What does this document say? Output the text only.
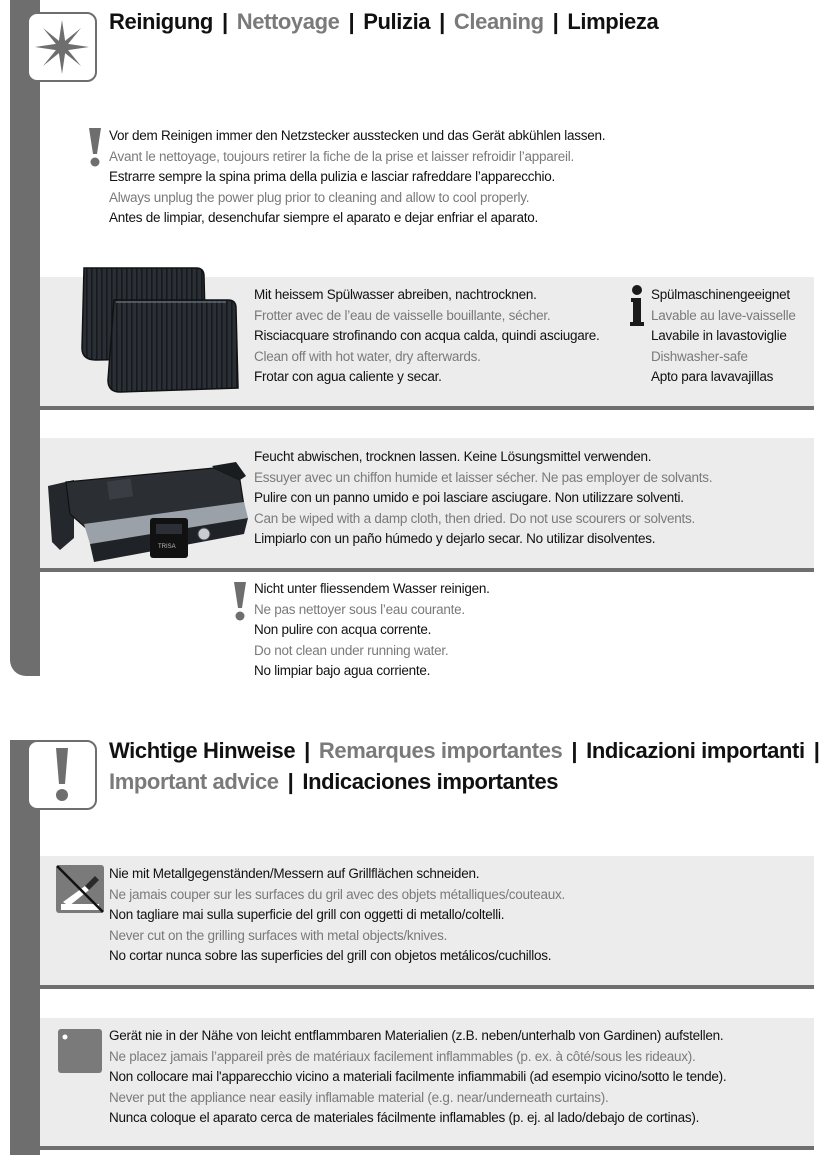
Reinigung | Nettoyage | Pulizia | Cleaning | Limpieza
Vor dem Reinigen immer den Netzstecker ausstecken und das Gerät abkühlen lassen.
Avant le nettoyage, toujours retirer la fiche de la prise et laisser refroidir l’appareil.
Estrarre sempre la spina prima della pulizia e lasciar rafreddare l’apparecchio.
Always unplug the power plug prior to cleaning and allow to cool properly.
Antes de limpiar, desenchufar siempre el aparato e dejar enfriar el aparato.
Mit heissem Spülwasser abreiben, nachtrocknen.
Frotter avec de l’eau de vaisselle bouillante, sécher.
Risciacquare strofinando con acqua calda, quindi asciugare.
Clean off with hot water, dry afterwards.
Frotar con agua caliente y secar.
Spülmaschinengeeignet
Lavable au lave-vaisselle
Lavabile in lavastoviglie
Dishwasher-safe
Apto para lavavajillas
TRISA
Feucht abwischen, trocknen lassen. Keine Lösungsmittel verwenden.
Essuyer avec un chiffon humide et laisser sécher. Ne pas employer de solvants.
Pulire con un panno umido e poi lasciare asciugare. Non utilizzare solventi.
Can be wiped with a damp cloth, then dried. Do not use scourers or solvents.
Limpiarlo con un paño húmedo y dejarlo secar. No utilizar disolventes.
Nicht unter fliessendem Wasser reinigen.
Ne pas nettoyer sous l’eau courante.
Non pulire con acqua corrente.
Do not clean under running water.
No limpiar bajo agua corriente.
Wichtige Hinweise | Remarques importantes | Indicazioni importanti |
Important advice | Indicaciones importantes
Nie mit Metallgegenständen/Messern auf Grillflächen schneiden.
Ne jamais couper sur les surfaces du gril avec des objets métalliques/couteaux.
Non tagliare mai sulla superficie del grill con oggetti di metallo/coltelli.
Never cut on the grilling surfaces with metal objects/knives.
No cortar nunca sobre las superficies del grill con objetos metálicos/cuchillos.
Gerät nie in der Nähe von leicht entflammbaren Materialien (z.B. neben/unterhalb von Gardinen) aufstellen.
Ne placez jamais l’appareil près de matériaux facilement inflammables (p. ex. à côté/sous les rideaux).
Non collocare mai l'apparecchio vicino a materiali facilmente infiammabili (ad esempio vicino/sotto le tende).
Never put the appliance near easily inflamable material (e.g. near/underneath curtains).
Nunca coloque el aparato cerca de materiales fácilmente inflamables (p. ej. al lado/debajo de cortinas).
